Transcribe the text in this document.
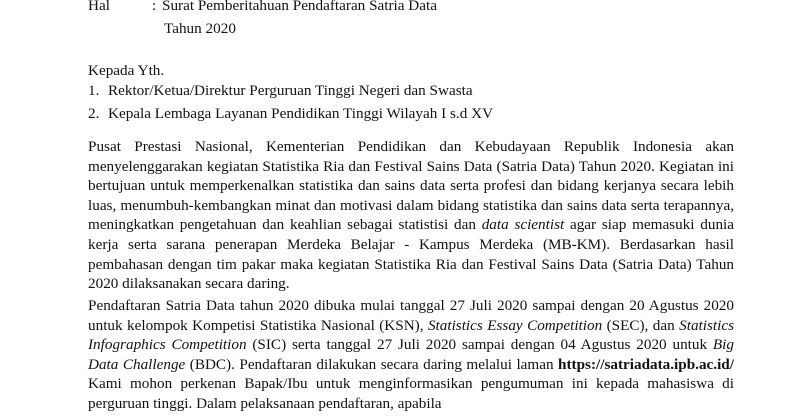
Hal	: Surat Pemberitahuan Pendaftaran Satria Data
Tahun 2020
Kepada Yth.
1. Rektor/Ketua/Direktur Perguruan Tinggi Negeri dan Swasta
2. Kepala Lembaga Layanan Pendidikan Tinggi Wilayah I s.d XV

Pusat Prestasi Nasional, Kementerian Pendidikan dan Kebudayaan Republik Indonesia akan menyelenggarakan kegiatan Statistika Ria dan Festival Sains Data (Satria Data) Tahun 2020. Kegiatan ini bertujuan untuk memperkenalkan statistika dan sains data serta profesi dan bidang kerjanya secara lebih luas, menumbuh-kembangkan minat dan motivasi dalam bidang statistika dan sains data serta terapannya, meningkatkan pengetahuan dan keahlian sebagai statistisi dan data scientist agar siap memasuki dunia kerja serta sarana penerapan Merdeka Belajar - Kampus Merdeka (MB-KM). Berdasarkan hasil pembahasan dengan tim pakar maka kegiatan Statistika Ria dan Festival Sains Data (Satria Data) Tahun 2020 dilaksanakan secara daring.

Pendaftaran Satria Data tahun 2020 dibuka mulai tanggal 27 Juli 2020 sampai dengan 20 Agustus 2020 untuk kelompok Kompetisi Statistika Nasional (KSN), Statistics Essay Competition (SEC), dan Statistics Infographics Competition (SIC) serta tanggal 27 Juli 2020 sampai dengan 04 Agustus 2020 untuk Big Data Challenge (BDC). Pendaftaran dilakukan secara daring melalui laman https://satriadata.ipb.ac.id/ Kami mohon perkenan Bapak/Ibu untuk menginformasikan pengumuman ini kepada mahasiswa di perguruan tinggi. Dalam pelaksanaan pendaftaran, apabila
